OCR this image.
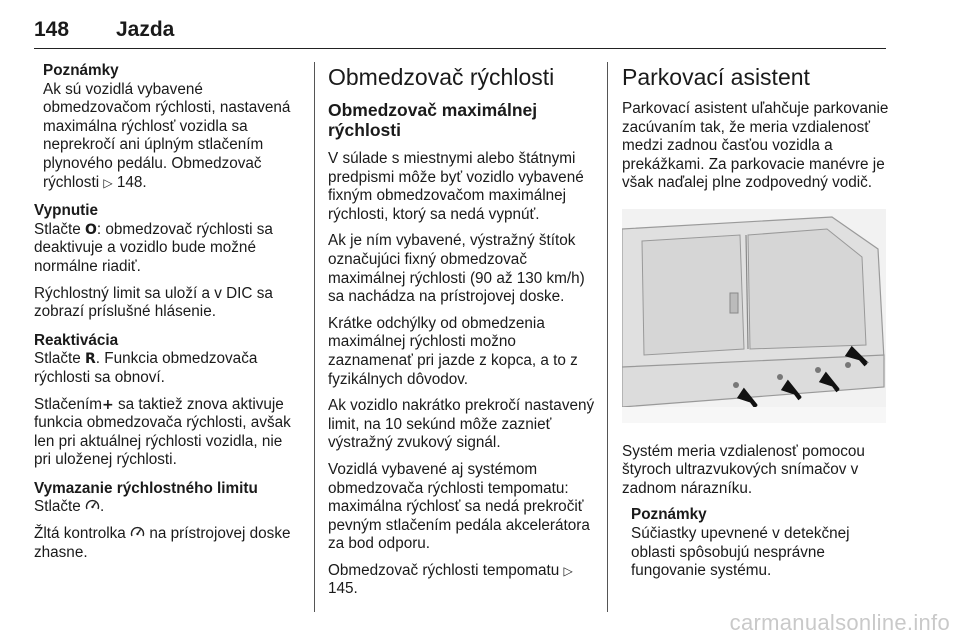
148 Jazda
Poznámky
Ak sú vozidlá vybavené obmedzovačom rýchlosti, nastavená maximálna rýchlosť vozidla sa neprekročí ani úplným stlačením plynového pedálu. Obmedzovač rýchlosti ▷ 148.
Vypnutie

Stlačte O: obmedzovač rýchlosti sa deaktivuje a vozidlo bude možné normálne riadiť.

Rýchlostný limit sa uloží a v DIC sa zobrazí príslušné hlásenie.

Reaktivácia

Stlačte R. Funkcia obmedzovača rýchlosti sa obnoví.

Stlačením+ sa taktiež znova aktivuje funkcia obmedzovača rýchlosti, avšak len pri aktuálnej rýchlosti vozidla, nie pri uloženej rýchlosti.

Vymazanie rýchlostného limitu

Stlačte .

Žltá kontrolka  na prístrojovej doske zhasne.

Obmedzovač rýchlosti
Obmedzovač maximálnej rýchlosti

V súlade s miestnymi alebo štátnymi predpismi môže byť vozidlo vybavené fixným obmedzovačom maximálnej rýchlosti, ktorý sa nedá vypnúť.

Ak je ním vybavené, výstražný štítok označujúci fixný obmedzovač maximálnej rýchlosti (90 až 130 km/h) sa nachádza na prístrojovej doske.

Krátke odchýlky od obmedzenia maximálnej rýchlosti možno zaznamenať pri jazde z kopca, a to z fyzikálnych dôvodov.

Ak vozidlo nakrátko prekročí nastavený limit, na 10 sekúnd môže zaznieť výstražný zvukový signál.

Vozidlá vybavené aj systémom obmedzovača rýchlosti tempomatu: maximálna rýchlosť sa nedá prekročiť pevným stlačením pedála akcelerátora za bod odporu.

Obmedzovač rýchlosti tempomatu ▷ 145.

Parkovací asistent

Parkovací asistent uľahčuje parkovanie zacúvaním tak, že meria vzdialenosť medzi zadnou časťou vozidla a prekážkami. Za parkovacie manévre je však naďalej plne zodpovedný vodič.

Systém meria vzdialenosť pomocou štyroch ultrazvukových snímačov v zadnom nárazníku.

Poznámky
Súčiastky upevnené v detekčnej oblasti spôsobujú nesprávne fungovanie systému.
carmanualsonline.info
